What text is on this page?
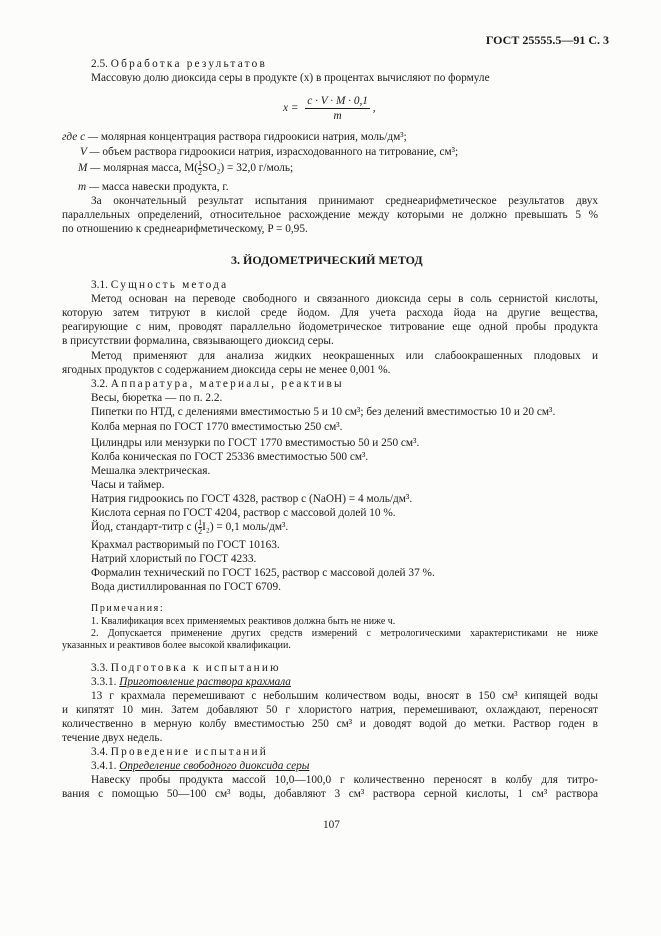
ГОСТ 25555.5—91 С. 3
2.5. Обработка результатов
Массовую долю диоксида серы в продукте (x) в процентах вычисляют по формуле
$x = \frac{c \cdot V \cdot M \cdot 0,1}{m}$ ,
где c — молярная концентрация раствора гидроокиси натрия, моль/дм³;
V — объем раствора гидроокиси натрия, израсходованного на титрование, см³;
M — молярная масса, $M( \frac{1}{2} SO_2) = 32,0$ г/моль;
m — масса навески продукта, г.
За окончательный результат испытания принимают среднеарифметическое результатов двух
параллельных определений, относительное расхождение между которыми не должно превышать 5 %
по отношению к среднеарифметическому, P = 0,95.
3. ЙОДОМЕТРИЧЕСКИЙ МЕТОД
3.1. Сущность метода
Метод основан на переводе свободного и связанного диоксида серы в соль сернистой кислоты,
которую затем титруют в кислой среде йодом. Для учета расхода йода на другие вещества,
реагирующие с ним, проводят параллельно йодометрическое титрование еще одной пробы продукта
в присутствии формалина, связывающего диоксид серы.
Метод применяют для анализа жидких неокрашенных или слабоокрашенных плодовых и
ягодных продуктов с содержанием диоксида серы не менее 0,001 %.
3.2. Аппаратура, материалы, реактивы
Весы, бюретка — по п. 2.2.
Пипетки по НТД, с делениями вместимостью 5 и 10 см³; без делений вместимостью 10 и 20 см³.
Колба мерная по ГОСТ 1770 вместимостью 250 см³.
Цилиндры или мензурки по ГОСТ 1770 вместимостью 50 и 250 см³.
Колба коническая по ГОСТ 25336 вместимостью 500 см³.
Мешалка электрическая.
Часы и таймер.
Натрия гидроокись по ГОСТ 4328, раствор c (NaOH) = 4 моль/дм³.
Кислота серная по ГОСТ 4204, раствор с массовой долей 10 %.
Йод, стандарт-титр c ( $\frac{1}{2} I_2) = 0,1$ моль/дм³.
Крахмал растворимый по ГОСТ 10163.
Натрий хлористый по ГОСТ 4233.
Формалин технический по ГОСТ 1625, раствор с массовой долей 37 %.
Вода дистиллированная по ГОСТ 6709.
Примечания:
1. Квалификация всех применяемых реактивов должна быть не ниже ч.
2. Допускается применение других средств измерений с метрологическими характеристиками не ниже
указанных и реактивов более высокой квалификации.
3.3. Подготовка к испытанию
3.3.1. Приготовление раствора крахмала
13 г крахмала перемешивают с небольшим количеством воды, вносят в 150 см³ кипящей воды
и кипятят 10 мин. Затем добавляют 50 г хлористого натрия, перемешивают, охлаждают, переносят
количественно в мерную колбу вместимостью 250 см³ и доводят водой до метки. Раствор годен в
течение двух недель.
3.4. Проведение испытаний
3.4.1. Определение свободного диоксида серы
Навеску пробы продукта массой 10,0—100,0 г количественно переносят в колбу для титро-
вания с помощью 50—100 см³ воды, добавляют 3 см³ раствора серной кислоты, 1 см³ раствора
107
